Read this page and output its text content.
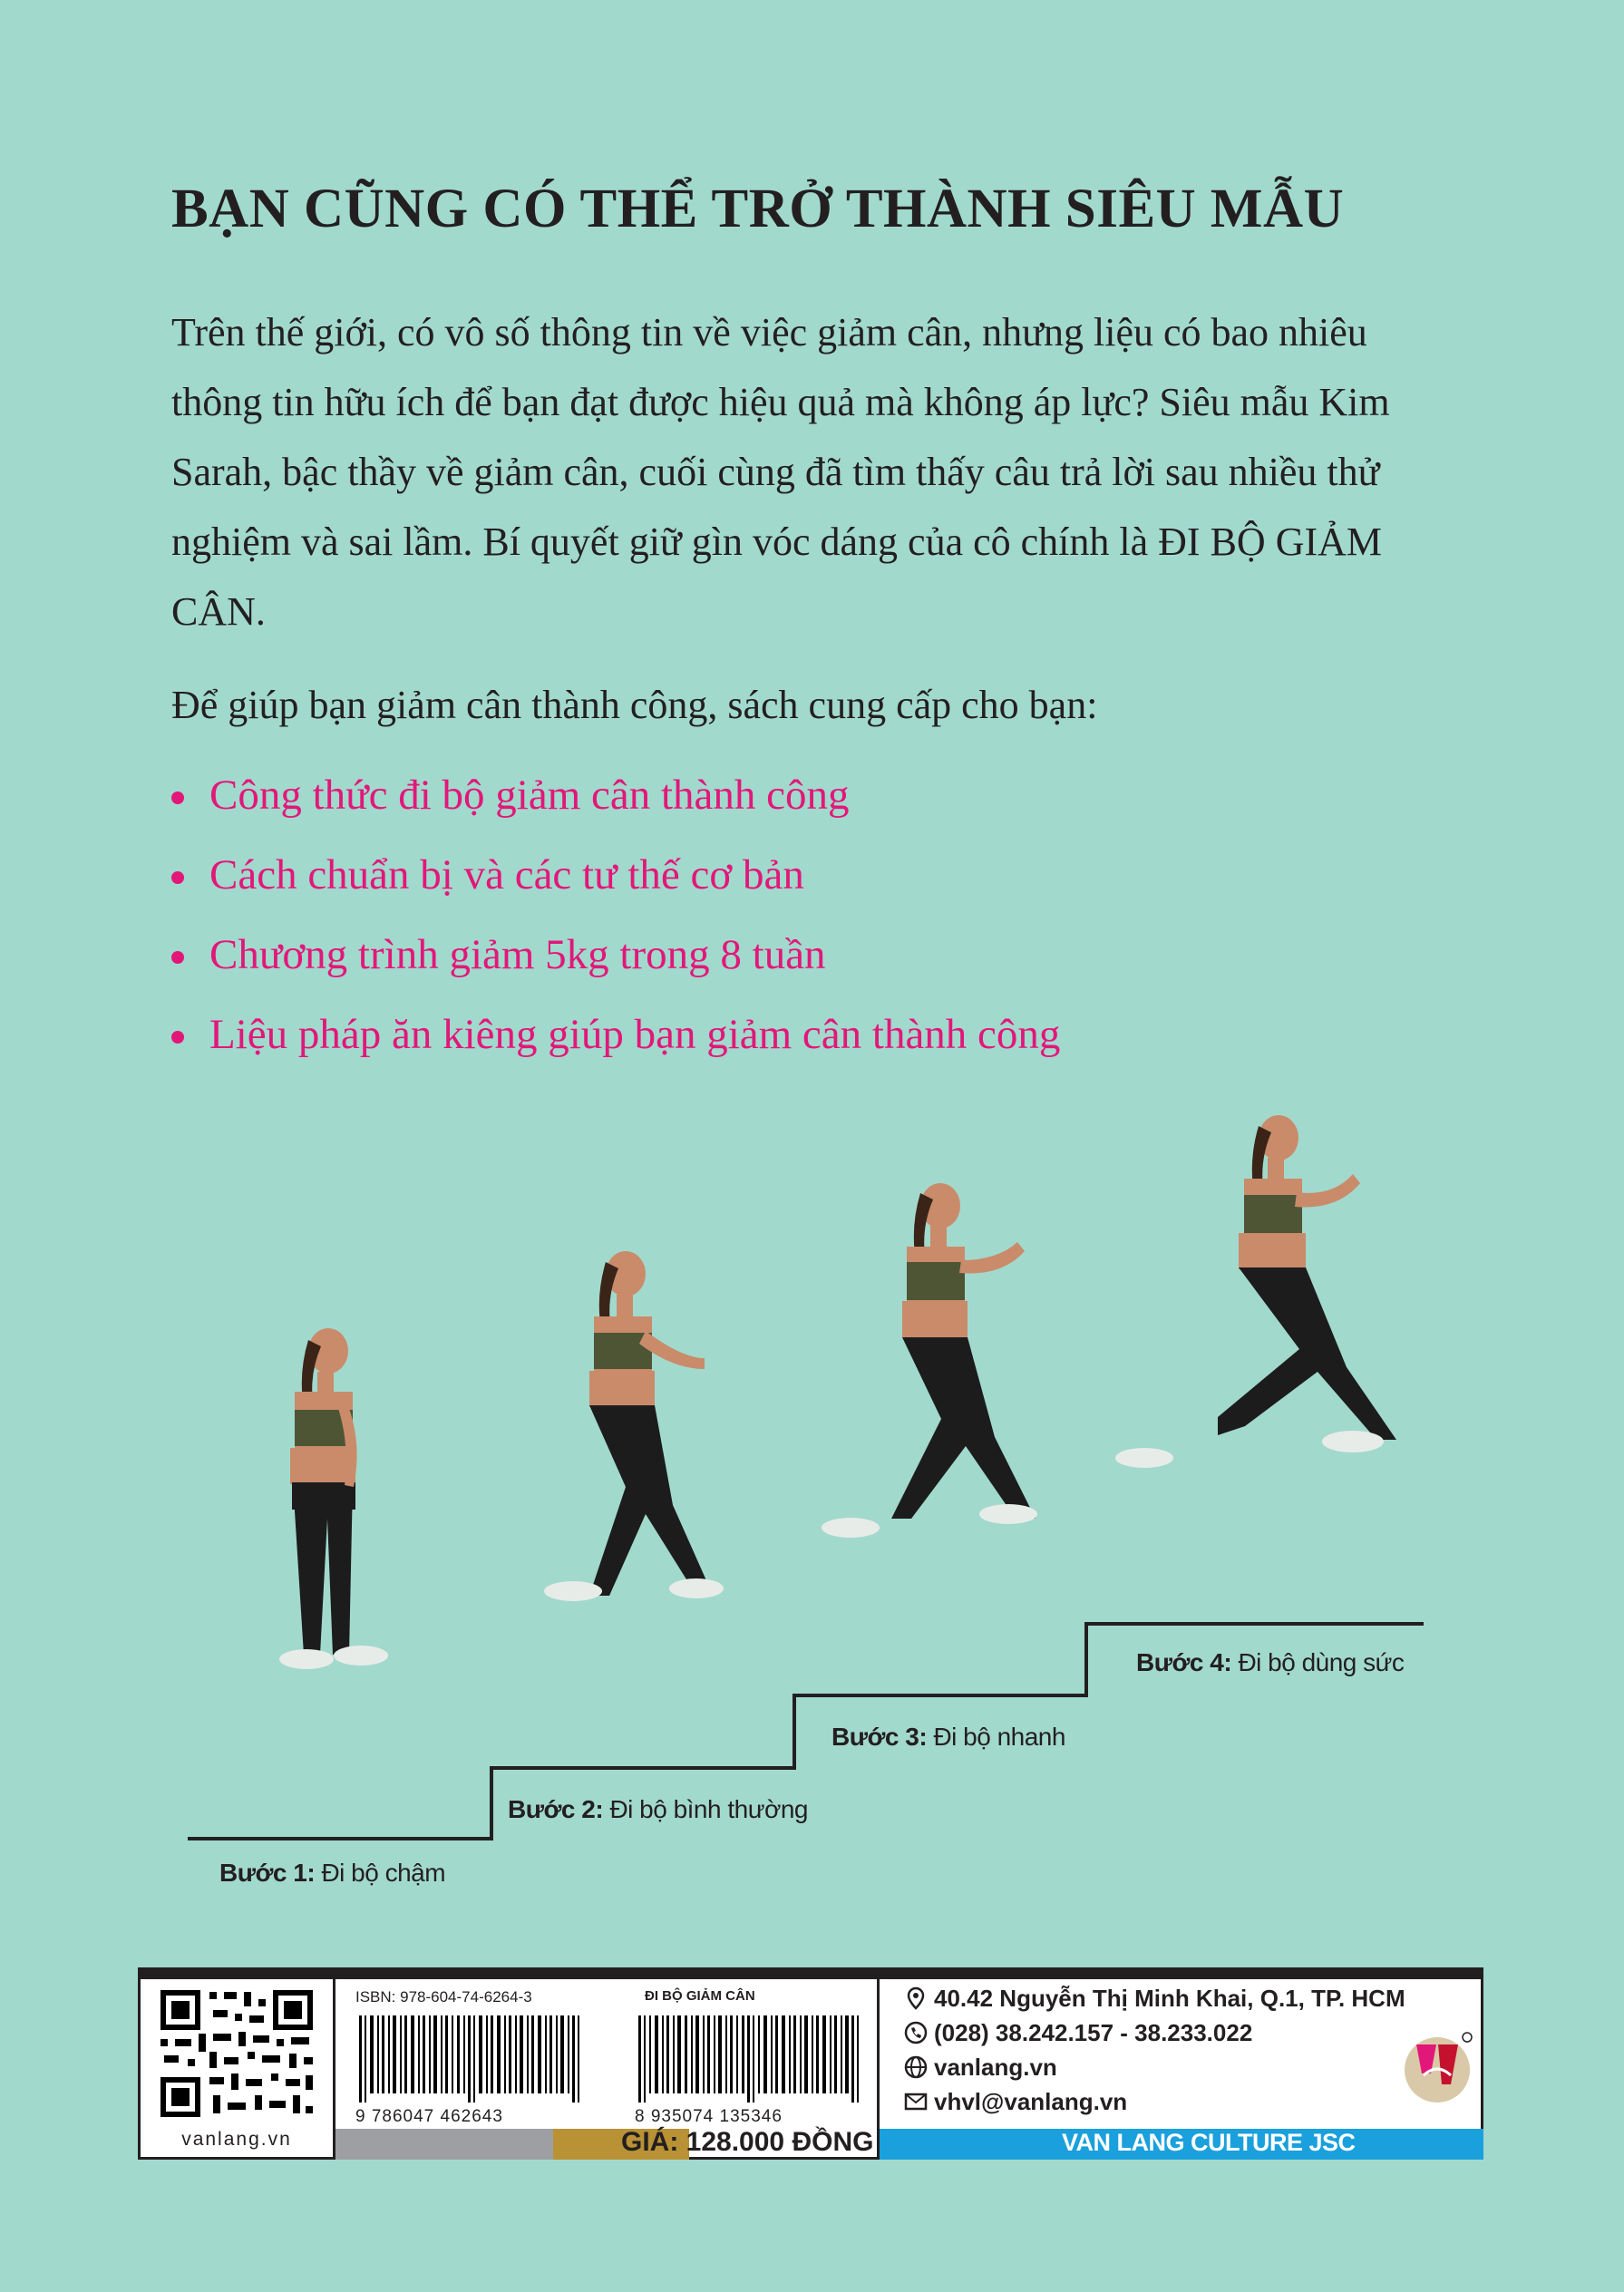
BẠN CŨNG CÓ THỂ TRỞ THÀNH SIÊU MẪU

Trên thế giới, có vô số thông tin về việc giảm cân, nhưng liệu có bao nhiêu thông tin hữu ích để bạn đạt được hiệu quả mà không áp lực? Siêu mẫu Kim Sarah, bậc thầy về giảm cân, cuối cùng đã tìm thấy câu trả lời sau nhiều thử nghiệm và sai lầm. Bí quyết giữ gìn vóc dáng của cô chính là ĐI BỘ GIẢM CÂN.

Để giúp bạn giảm cân thành công, sách cung cấp cho bạn:

Công thức đi bộ giảm cân thành công
Cách chuẩn bị và các tư thế cơ bản
Chương trình giảm 5kg trong 8 tuần
Liệu pháp ăn kiêng giúp bạn giảm cân thành công
Bước 1: Đi bộ chậm
Bước 2: Đi bộ bình thường
Bước 3: Đi bộ nhanh
Bước 4: Đi bộ dùng sức
vanlang.vn
ISBN: 978-604-74-6264-3	ĐI BỘ GIẢM CÂN
9 786047 462643	8 935074 135346
GIÁ: 128.000 ĐỒNG
40.42 Nguyễn Thị Minh Khai, Q.1, TP. HCM
(028) 38.242.157 - 38.233.022
vanlang.vn
vhvl@vanlang.vn
VAN LANG CULTURE JSC
